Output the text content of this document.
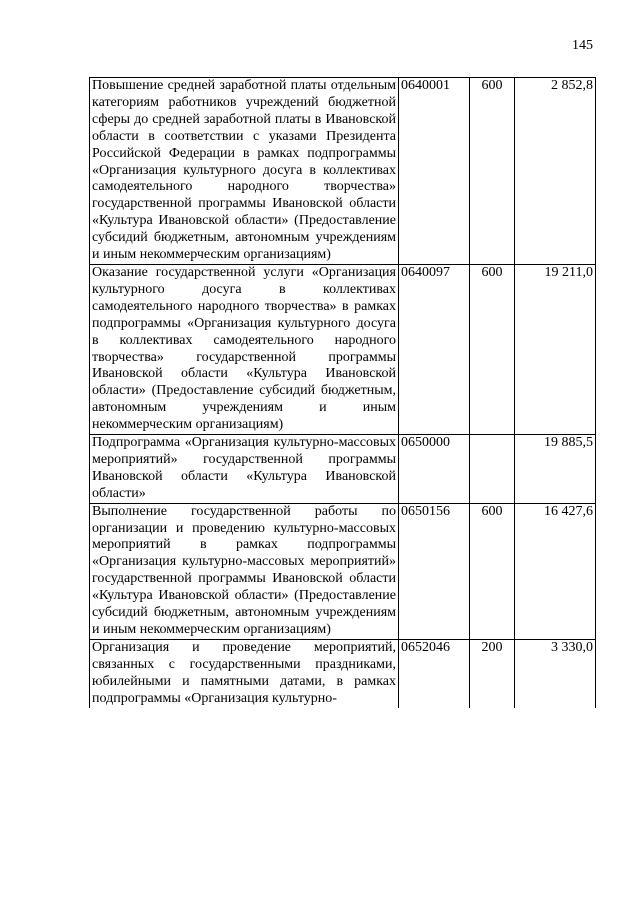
145
Повышение средней заработной платы отдельным категориям работников учреждений бюджетной сферы до средней заработной платы в Ивановской области в соответствии с указами Президента Российской Федерации в рамках подпрограммы «Организация культурного досуга в коллективах самодеятельного народного творчества» государственной программы Ивановской области «Культура Ивановской области» (Предоставление субсидий бюджетным, автономным учреждениям и иным некоммерческим организациям)	0640001	600	2 852,8
Оказание государственной услуги «Организация культурного досуга в коллективах самодеятельного народного творчества» в рамках подпрограммы «Организация культурного досуга в коллективах самодеятельного народного творчества» государственной программы Ивановской области «Культура Ивановской области» (Предоставление субсидий бюджетным, автономным учреждениям и иным некоммерческим организациям)	0640097	600	19 211,0
Подпрограмма «Организация культурно-массовых мероприятий» государственной программы Ивановской области «Культура Ивановской области»	0650000		19 885,5
Выполнение государственной работы по организации и проведению культурно-массовых мероприятий в рамках подпрограммы «Организация культурно-массовых мероприятий» государственной программы Ивановской области «Культура Ивановской области» (Предоставление субсидий бюджетным, автономным учреждениям и иным некоммерческим организациям)	0650156	600	16 427,6
Организация и проведение мероприятий, связанных с государственными праздниками, юбилейными и памятными датами, в рамках подпрограммы «Организация культурно-	0652046	200	3 330,0
